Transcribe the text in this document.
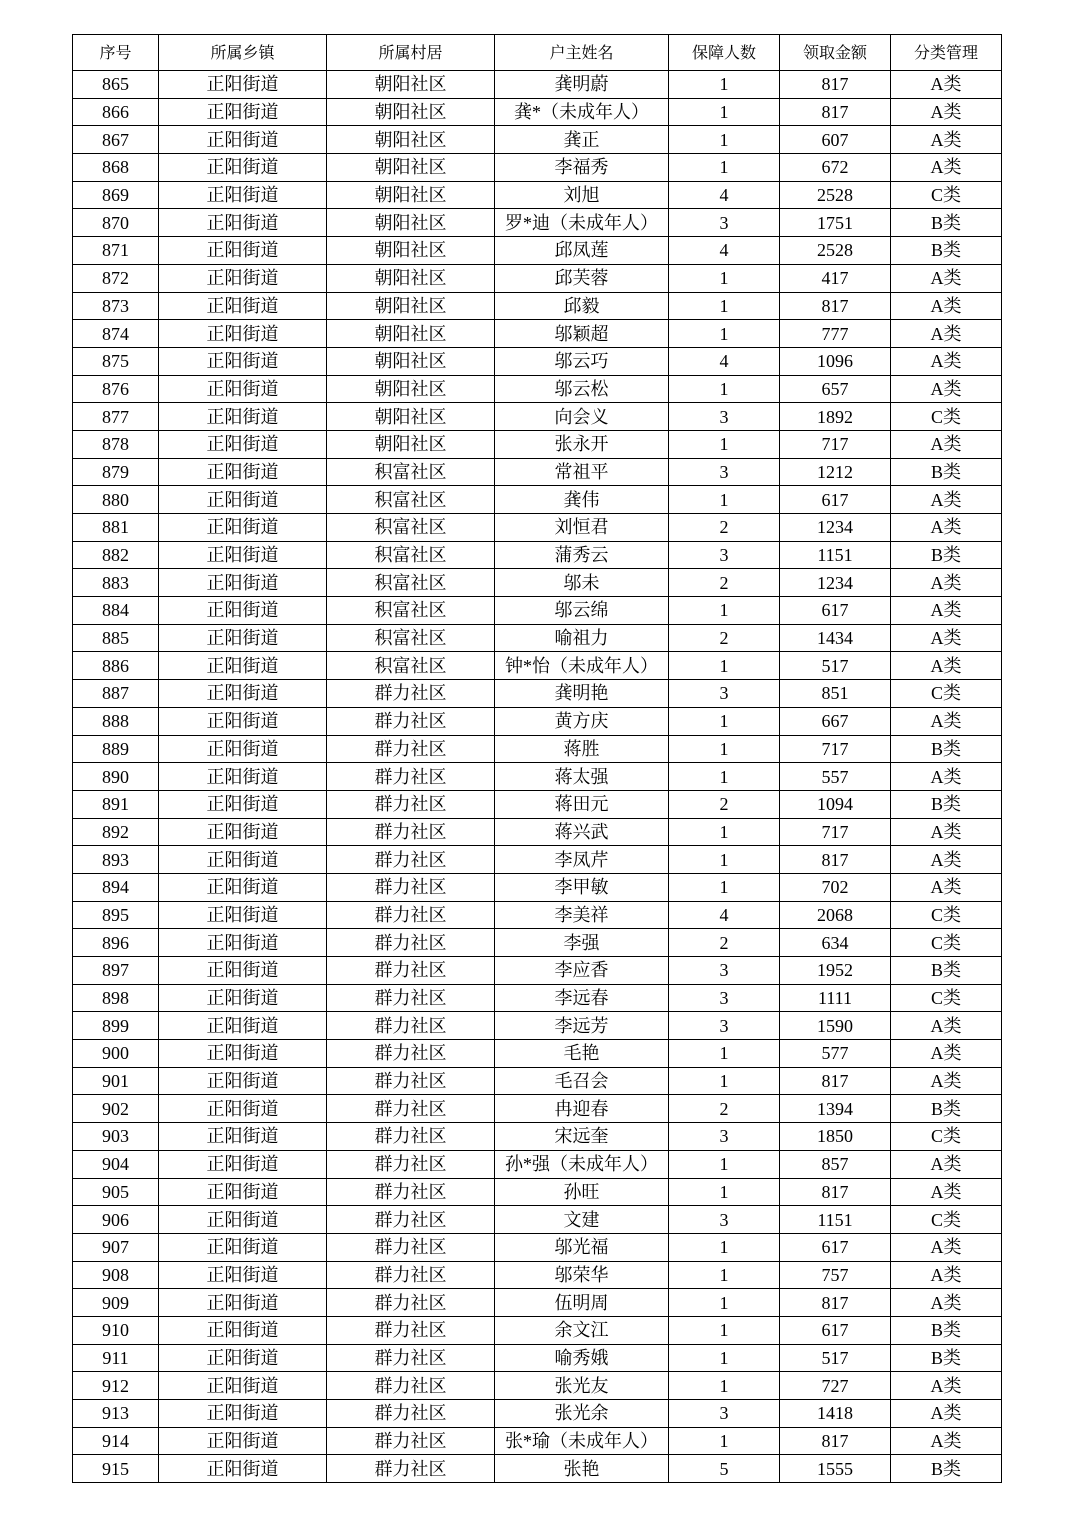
序号	所属乡镇	所属村居	户主姓名	保障人数	领取金额	分类管理
865	正阳街道	朝阳社区	龚明蔚	1	817	A类
866	正阳街道	朝阳社区	龚*（未成年人）	1	817	A类
867	正阳街道	朝阳社区	龚正	1	607	A类
868	正阳街道	朝阳社区	李福秀	1	672	A类
869	正阳街道	朝阳社区	刘旭	4	2528	C类
870	正阳街道	朝阳社区	罗*迪（未成年人）	3	1751	B类
871	正阳街道	朝阳社区	邱凤莲	4	2528	B类
872	正阳街道	朝阳社区	邱芙蓉	1	417	A类
873	正阳街道	朝阳社区	邱毅	1	817	A类
874	正阳街道	朝阳社区	邬颖超	1	777	A类
875	正阳街道	朝阳社区	邬云巧	4	1096	A类
876	正阳街道	朝阳社区	邬云松	1	657	A类
877	正阳街道	朝阳社区	向会义	3	1892	C类
878	正阳街道	朝阳社区	张永开	1	717	A类
879	正阳街道	积富社区	常祖平	3	1212	B类
880	正阳街道	积富社区	龚伟	1	617	A类
881	正阳街道	积富社区	刘恒君	2	1234	A类
882	正阳街道	积富社区	蒲秀云	3	1151	B类
883	正阳街道	积富社区	邬未	2	1234	A类
884	正阳街道	积富社区	邬云绵	1	617	A类
885	正阳街道	积富社区	喻祖力	2	1434	A类
886	正阳街道	积富社区	钟*怡（未成年人）	1	517	A类
887	正阳街道	群力社区	龚明艳	3	851	C类
888	正阳街道	群力社区	黄方庆	1	667	A类
889	正阳街道	群力社区	蒋胜	1	717	B类
890	正阳街道	群力社区	蒋太强	1	557	A类
891	正阳街道	群力社区	蒋田元	2	1094	B类
892	正阳街道	群力社区	蒋兴武	1	717	A类
893	正阳街道	群力社区	李凤芹	1	817	A类
894	正阳街道	群力社区	李甲敏	1	702	A类
895	正阳街道	群力社区	李美祥	4	2068	C类
896	正阳街道	群力社区	李强	2	634	C类
897	正阳街道	群力社区	李应香	3	1952	B类
898	正阳街道	群力社区	李远春	3	1111	C类
899	正阳街道	群力社区	李远芳	3	1590	A类
900	正阳街道	群力社区	毛艳	1	577	A类
901	正阳街道	群力社区	毛召会	1	817	A类
902	正阳街道	群力社区	冉迎春	2	1394	B类
903	正阳街道	群力社区	宋远奎	3	1850	C类
904	正阳街道	群力社区	孙*强（未成年人）	1	857	A类
905	正阳街道	群力社区	孙旺	1	817	A类
906	正阳街道	群力社区	文建	3	1151	C类
907	正阳街道	群力社区	邬光福	1	617	A类
908	正阳街道	群力社区	邬荣华	1	757	A类
909	正阳街道	群力社区	伍明周	1	817	A类
910	正阳街道	群力社区	余文江	1	617	B类
911	正阳街道	群力社区	喻秀娥	1	517	B类
912	正阳街道	群力社区	张光友	1	727	A类
913	正阳街道	群力社区	张光余	3	1418	A类
914	正阳街道	群力社区	张*瑜（未成年人）	1	817	A类
915	正阳街道	群力社区	张艳	5	1555	B类
